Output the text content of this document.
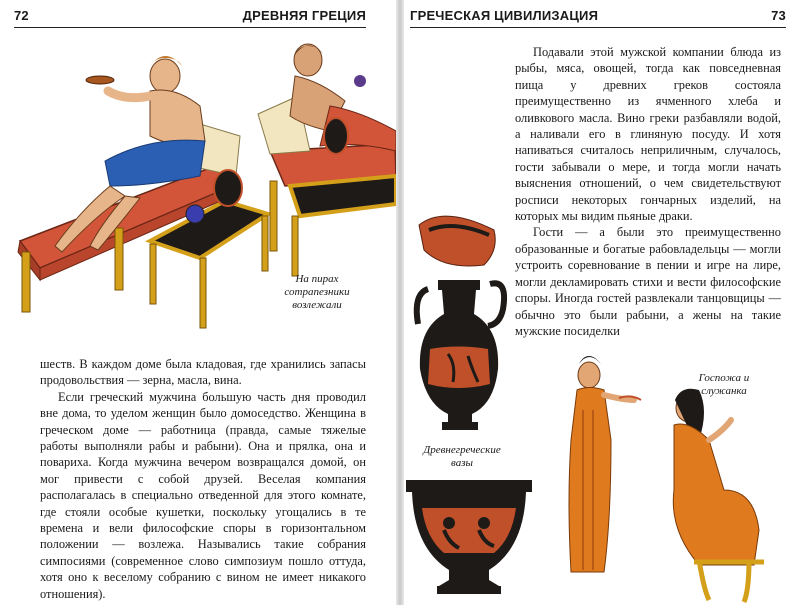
72	ДРЕВНЯЯ ГРЕЦИЯ
На пирах сотрапезники возлежали

шеств. В каждом доме была кладовая, где хранились запасы продовольствия — зерна, масла, вина.

Если греческий мужчина большую часть дня проводил вне дома, то уделом женщин было домоседство. Женщина в греческом доме — работница (правда, самые тяжелые работы выполняли рабы и рабыни). Она и прялка, она и повариха. Когда мужчина вечером возвращался домой, он мог привести с собой друзей. Веселая компания располагалась в специально отведенной для этого комнате, где стояли особые кушетки, поскольку угощались в те времена и вели философские споры в горизонтальном положении — возлежа. Назывались такие собрания симпосиями (современное слово симпозиум пошло оттуда, хотя оно к веселому собранию с вином не имеет никакого отношения).

ГРЕЧЕСКАЯ ЦИВИЛИЗАЦИЯ	73

Подавали этой мужской компании блюда из рыбы, мяса, овощей, тогда как повседневная пища у древних греков состояла преимущественно из ячменного хлеба и оливкового масла. Вино греки разбавляли водой, а наливали его в глиняную посуду. И хотя напиваться считалось неприличным, случалось, гости забывали о мере, и тогда могли начать выяснения отношений, о чем свидетельствуют росписи некоторых гончарных изделий, на которых мы видим пьяные драки.

Гости — а были это преимущественно образованные и богатые рабовладельцы — могли устроить соревнование в пении и игре на лире, могли декламировать стихи и вести философские споры. Иногда гостей развлекали танцовщицы — обычно это были рабыни, а жены на такие мужские посиделки

Древнегреческие вазы
Госпожа и служанка
